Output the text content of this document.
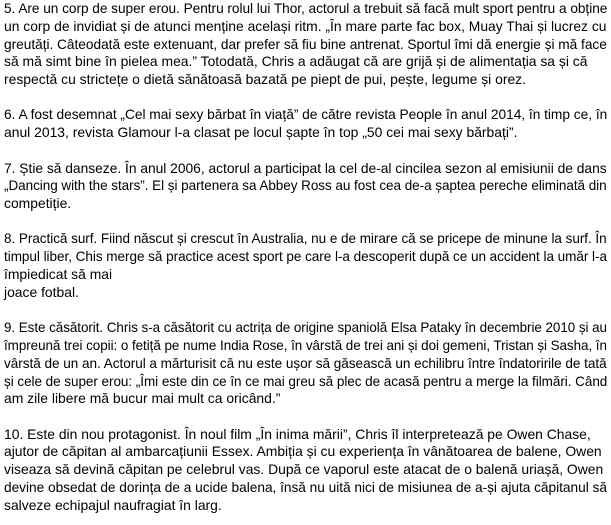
5. Are un corp de super erou. Pentru rolul lui Thor, actorul a trebuit să facă mult sport pentru a obține
un corp de invidiat și de atunci menține același ritm. „În mare parte fac box, Muay Thai și lucrez cu
greutăți. Câteodată este extenuant, dar prefer să fiu bine antrenat. Sportul îmi dă energie și mă face
să mă simt bine în pielea mea.” Totodată, Chris a adăugat că are grijă și de alimentația sa și că
respectă cu strictețe o dietă sănătoasă bazată pe piept de pui, pește, legume și orez.
6. A fost desemnat „Cel mai sexy bărbat în viață” de către revista People în anul 2014, în timp ce, în
anul 2013, revista Glamour l-a clasat pe locul șapte în top „50 cei mai sexy bărbați”.
7. Știe să danseze. În anul 2006, actorul a participat la cel de-al cincilea sezon al emisiunii de dans
„Dancing with the stars”. El și partenera sa Abbey Ross au fost cea de-a șaptea pereche eliminată din
competiție.
8. Practică surf. Fiind născut și crescut în Australia, nu e de mirare că se pricepe de minune la surf. În
timpul liber, Chis merge să practice acest sport pe care l-a descoperit după ce un accident la umăr l-a
împiedicat să mai
joace fotbal.
9. Este căsătorit. Chris s-a căsătorit cu actrița de origine spaniolă Elsa Pataky în decembrie 2010 și au
împreună trei copii: o fetiță pe nume India Rose, în vârstă de trei ani și doi gemeni, Tristan și Sasha, în
vârstă de un an. Actorul a mărturisit că nu este ușor să găsească un echilibru între îndatoririle de tată
și cele de super erou: „Îmi este din ce în ce mai greu să plec de acasă pentru a merge la filmări. Când
am zile libere mă bucur mai mult ca oricând.”
10. Este din nou protagonist. În noul film „În inima mării”, Chris îl interpretează pe Owen Chase,
ajutor de căpitan al ambarcațiunii Essex. Ambiția și cu experiența în vânătoarea de balene, Owen
viseaza să devină căpitan pe celebrul vas. După ce vaporul este atacat de o balenă uriașă, Owen
devine obsedat de dorința de a ucide balena, însă nu uită nici de misiunea de a-și ajuta căpitanul să
salveze echipajul naufragiat în larg.
